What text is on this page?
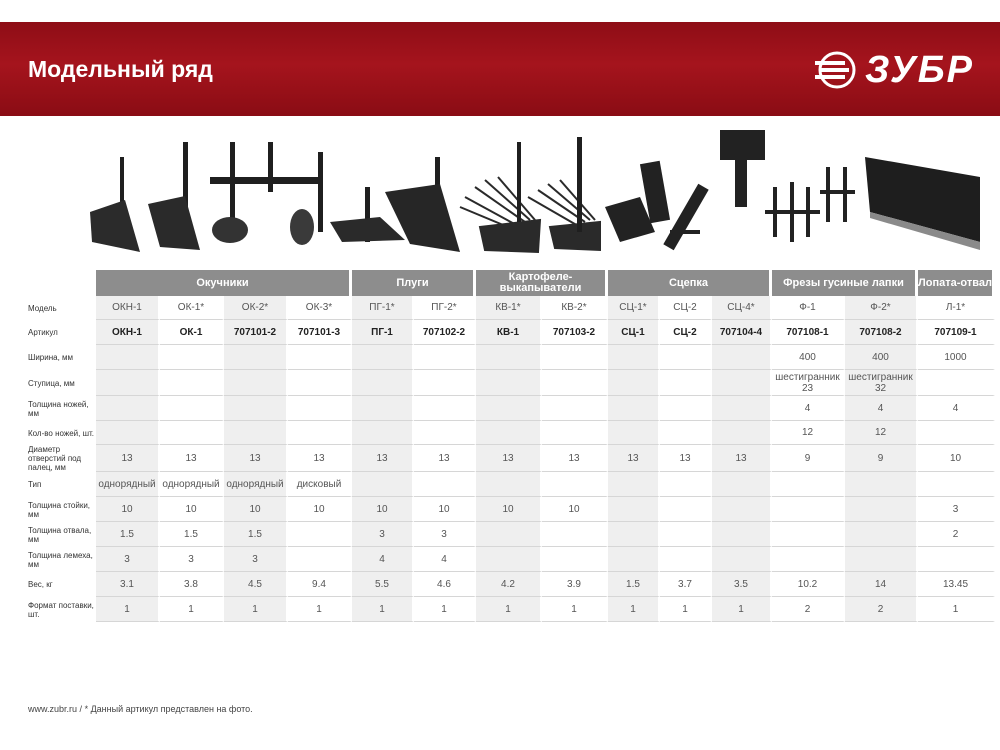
Модельный ряд	ЗУБР
	Окучники				Плуги		Картофеле-выкапыватели		Сцепка			Фрезы гусиные лапки		Лопата-отвал
Модель	ОКН-1	ОК-1*	ОК-2*	ОК-3*	ПГ-1*	ПГ-2*	КВ-1*	КВ-2*	СЦ-1*	СЦ-2	СЦ-4*	Ф-1	Ф-2*	Л-1*
Артикул	ОКН-1	ОК-1	707101-2	707101-3	ПГ-1	707102-2	КВ-1	707103-2	СЦ-1	СЦ-2	707104-4	707108-1	707108-2	707109-1
Ширина, мм												400	400	1000
Ступица, мм												шестигранник 23	шестигранник 32	
Толщина ножей, мм												4	4	4
Кол-во ножей, шт.												12	12	
Диаметр отверстий под палец, мм	13	13	13	13	13	13	13	13	13	13	13	9	9	10
Тип	однорядный	однорядный	однорядный	дисковый										
Толщина стойки, мм	10	10	10	10	10	10	10	10						3
Толщина отвала, мм	1.5	1.5	1.5		3	3								2
Толщина лемеха, мм	3	3	3		4	4								
Вес, кг	3.1	3.8	4.5	9.4	5.5	4.6	4.2	3.9	1.5	3.7	3.5	10.2	14	13.45
Формат поставки, шт.	1	1	1	1	1	1	1	1	1	1	1	2	2	1
www.zubr.ru / * Данный артикул представлен на фото.
